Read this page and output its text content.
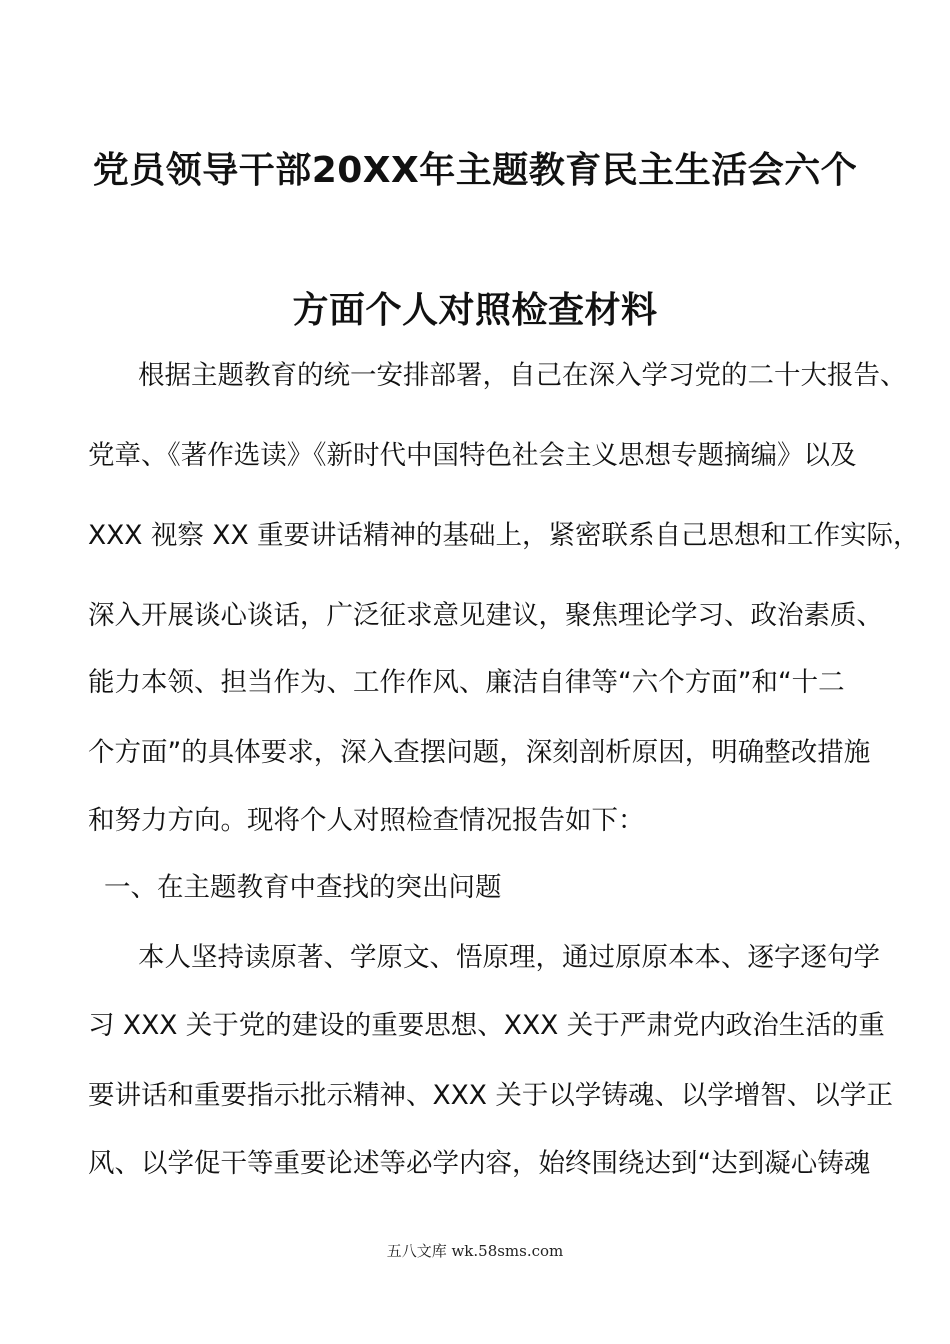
党员领导干部20XX年主题教育民主生活会六个
方面个人对照检查材料
根据主题教育的统一安排部署，自己在深入学习党的二十大报告、
党章、《著作选读》《新时代中国特色社会主义思想专题摘编》以及
XXX 视察 XX 重要讲话精神的基础上，紧密联系自己思想和工作实际，
深入开展谈心谈话，广泛征求意见建议，聚焦理论学习、政治素质、
能力本领、担当作为、工作作风、廉洁自律等“六个方面”和“十二
个方面”的具体要求，深入查摆问题，深刻剖析原因，明确整改措施
和努力方向。现将个人对照检查情况报告如下：
一、在主题教育中查找的突出问题
本人坚持读原著、学原文、悟原理，通过原原本本、逐字逐句学
习 XXX 关于党的建设的重要思想、XXX 关于严肃党内政治生活的重
要讲话和重要指示批示精神、XXX 关于以学铸魂、以学增智、以学正
风、以学促干等重要论述等必学内容，始终围绕达到“达到凝心铸魂
五八文库 wk.58sms.com
